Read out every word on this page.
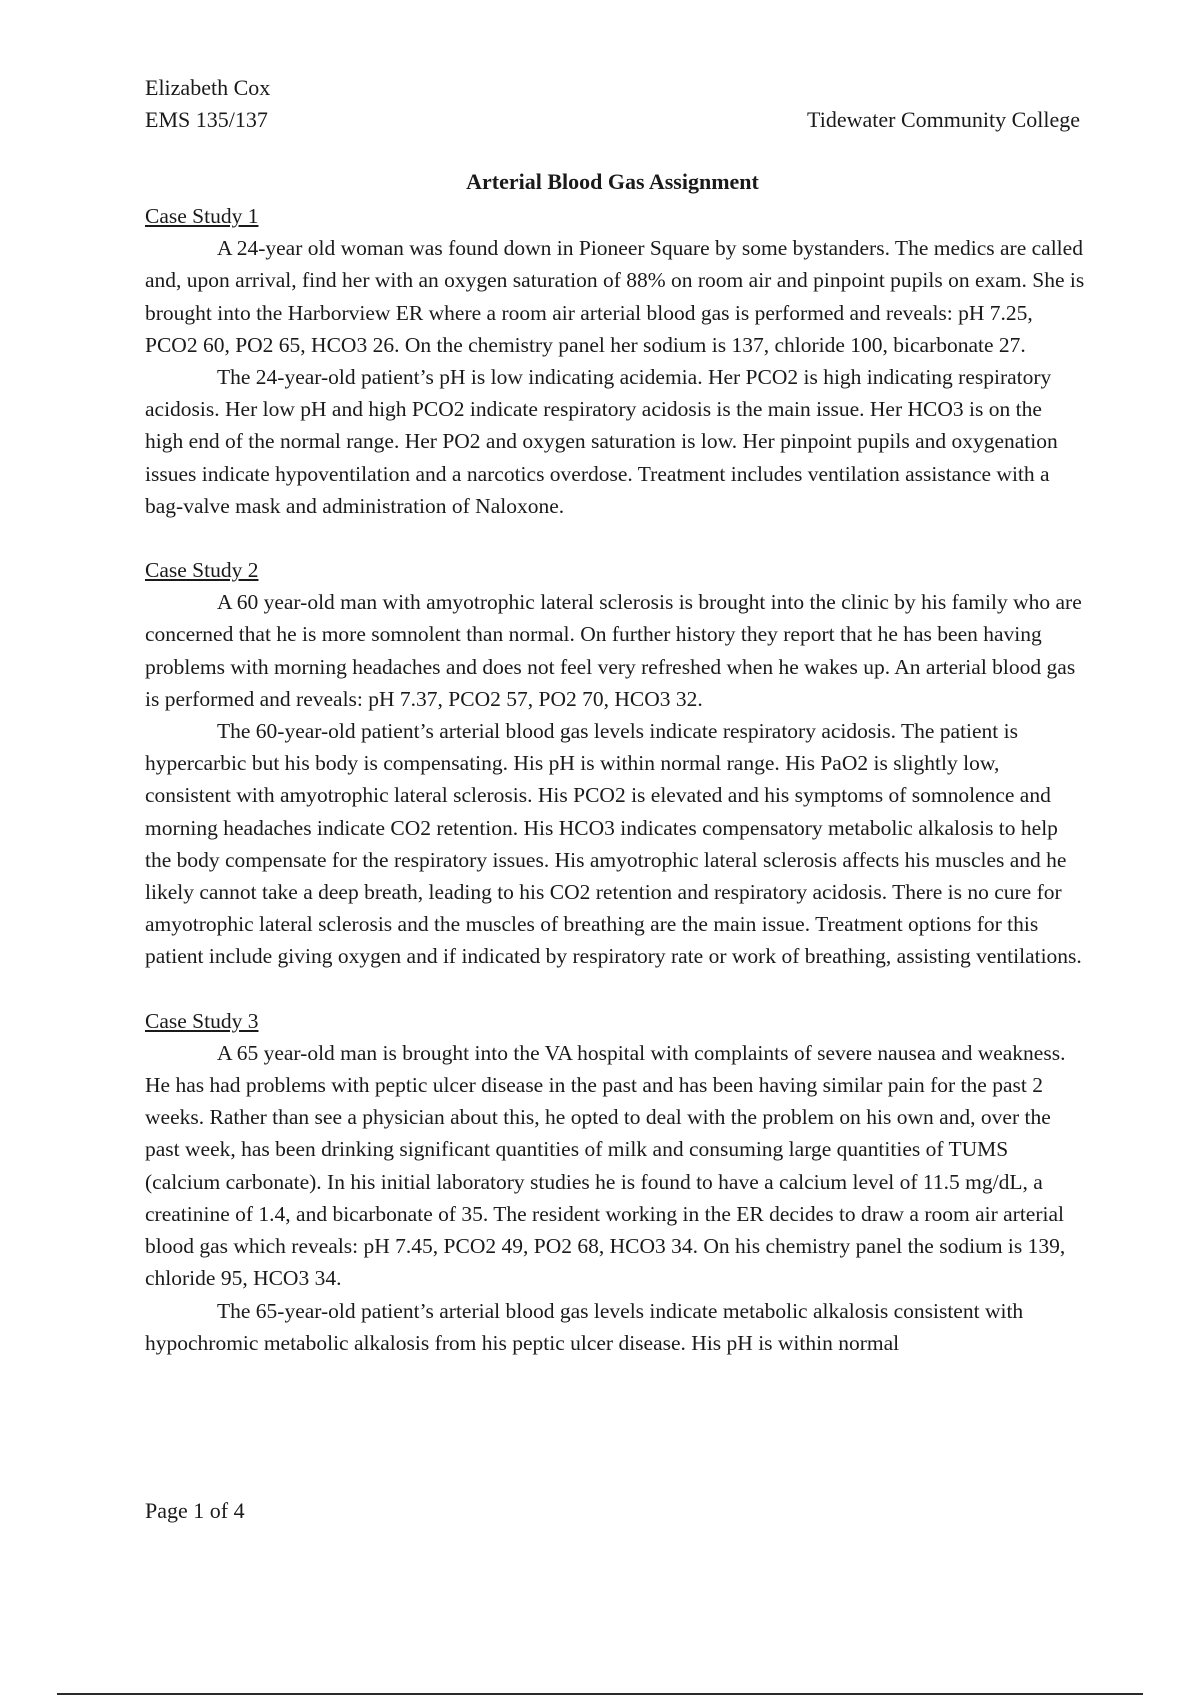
Elizabeth Cox

EMS 135/137	Tidewater Community College

Arterial Blood Gas Assignment

Case Study 1

A 24-year old woman was found down in Pioneer Square by some bystanders. The medics are called and, upon arrival, find her with an oxygen saturation of 88% on room air and pinpoint pupils on exam. She is brought into the Harborview ER where a room air arterial blood gas is performed and reveals: pH 7.25, PCO2 60, PO2 65, HCO3 26. On the chemistry panel her sodium is 137, chloride 100, bicarbonate 27.

The 24-year-old patient’s pH is low indicating acidemia. Her PCO2 is high indicating respiratory acidosis. Her low pH and high PCO2 indicate respiratory acidosis is the main issue. Her HCO3 is on the high end of the normal range. Her PO2 and oxygen saturation is low. Her pinpoint pupils and oxygenation issues indicate hypoventilation and a narcotics overdose. Treatment includes ventilation assistance with a bag-valve mask and administration of Naloxone.

Case Study 2

A 60 year-old man with amyotrophic lateral sclerosis is brought into the clinic by his family who are concerned that he is more somnolent than normal. On further history they report that he has been having problems with morning headaches and does not feel very refreshed when he wakes up. An arterial blood gas is performed and reveals: pH 7.37, PCO2 57, PO2 70, HCO3 32.

The 60-year-old patient’s arterial blood gas levels indicate respiratory acidosis. The patient is hypercarbic but his body is compensating. His pH is within normal range. His PaO2 is slightly low, consistent with amyotrophic lateral sclerosis. His PCO2 is elevated and his symptoms of somnolence and morning headaches indicate CO2 retention. His HCO3 indicates compensatory metabolic alkalosis to help the body compensate for the respiratory issues. His amyotrophic lateral sclerosis affects his muscles and he likely cannot take a deep breath, leading to his CO2 retention and respiratory acidosis. There is no cure for amyotrophic lateral sclerosis and the muscles of breathing are the main issue. Treatment options for this patient include giving oxygen and if indicated by respiratory rate or work of breathing, assisting ventilations.

Case Study 3

A 65 year-old man is brought into the VA hospital with complaints of severe nausea and weakness. He has had problems with peptic ulcer disease in the past and has been having similar pain for the past 2 weeks. Rather than see a physician about this, he opted to deal with the problem on his own and, over the past week, has been drinking significant quantities of milk and consuming large quantities of TUMS (calcium carbonate). In his initial laboratory studies he is found to have a calcium level of 11.5 mg/dL, a creatinine of 1.4, and bicarbonate of 35. The resident working in the ER decides to draw a room air arterial blood gas which reveals: pH 7.45, PCO2 49, PO2 68, HCO3 34. On his chemistry panel the sodium is 139, chloride 95, HCO3 34.

The 65-year-old patient’s arterial blood gas levels indicate metabolic alkalosis consistent with hypochromic metabolic alkalosis from his peptic ulcer disease. His pH is within normal

Page 1 of 4
